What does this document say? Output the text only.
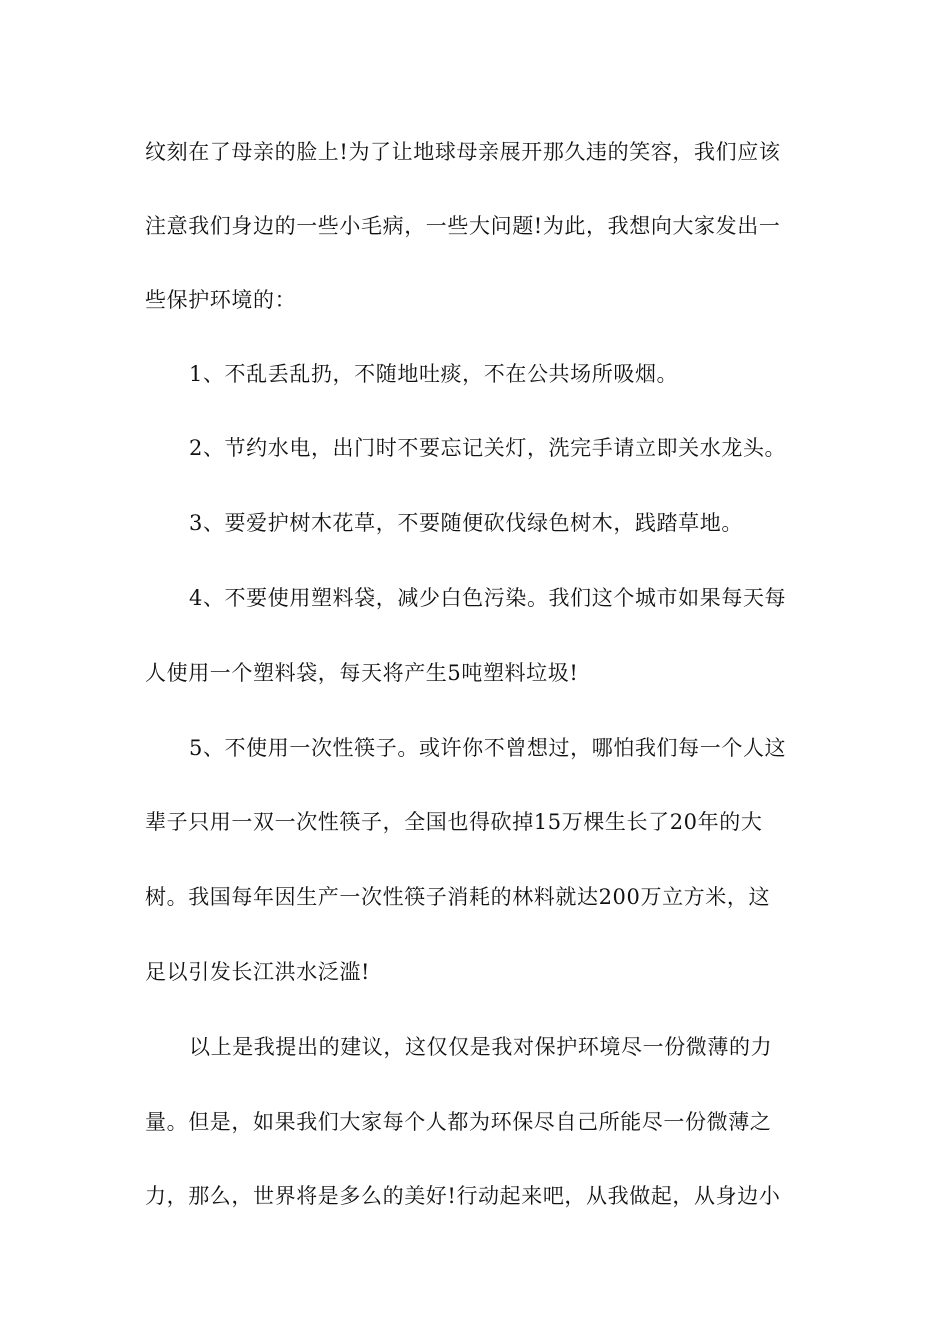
纹刻在了母亲的脸上!为了让地球母亲展开那久违的笑容，我们应该
注意我们身边的一些小毛病，一些大问题!为此，我想向大家发出一
些保护环境的：
1、不乱丢乱扔，不随地吐痰，不在公共场所吸烟。
2、节约水电，出门时不要忘记关灯，洗完手请立即关水龙头。
3、要爱护树木花草，不要随便砍伐绿色树木，践踏草地。
4、不要使用塑料袋，减少白色污染。我们这个城市如果每天每
人使用一个塑料袋，每天将产生5吨塑料垃圾!
5、不使用一次性筷子。或许你不曾想过，哪怕我们每一个人这
辈子只用一双一次性筷子，全国也得砍掉15万棵生长了20年的大
树。我国每年因生产一次性筷子消耗的林料就达200万立方米，这
足以引发长江洪水泛滥!
以上是我提出的建议，这仅仅是我对保护环境尽一份微薄的力
量。但是，如果我们大家每个人都为环保尽自己所能尽一份微薄之
力，那么，世界将是多么的美好!行动起来吧，从我做起，从身边小
